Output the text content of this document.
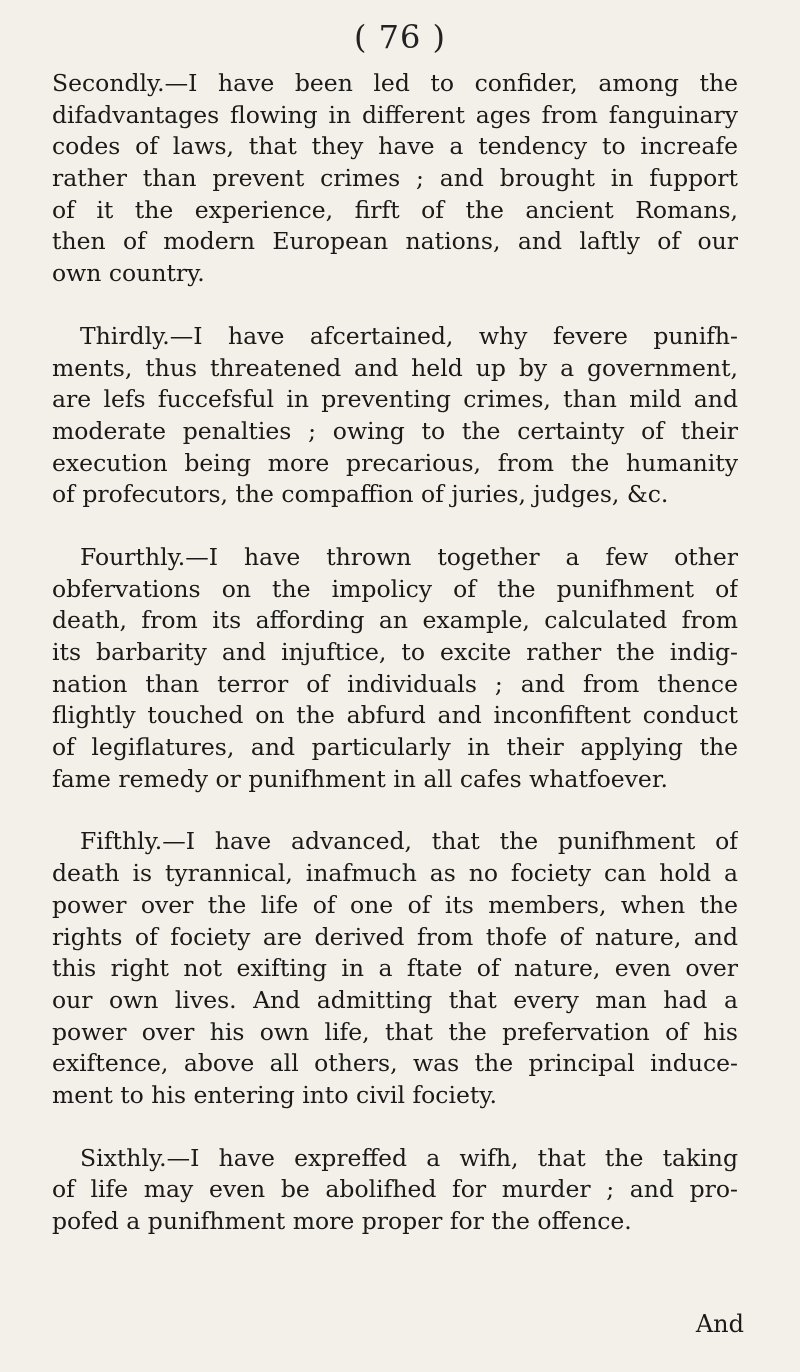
( 76 )

Secondly.—I have been led to confider, among the
difadvantages flowing in different ages from fanguinary
codes of laws, that they have a tendency to increafe
rather than prevent crimes ; and brought in fupport
of it the experience, firft of the ancient Romans,
then of modern European nations, and laftly of our
own country.

Thirdly.—I have afcertained, why fevere punifh-
ments, thus threatened and held up by a government,
are lefs fuccefsful in preventing crimes, than mild and
moderate penalties ; owing to the certainty of their
execution being more precarious, from the humanity
of profecutors, the compaffion of juries, judges, &c.

Fourthly.—I have thrown together a few other
obfervations on the impolicy of the punifhment of
death, from its affording an example, calculated from
its barbarity and injuftice, to excite rather the indig-
nation than terror of individuals ; and from thence
flightly touched on the abfurd and inconfiftent conduct
of legiflatures, and particularly in their applying the
fame remedy or punifhment in all cafes whatfoever.

Fifthly.—I have advanced, that the punifhment of
death is tyrannical, inafmuch as no fociety can hold a
power over the life of one of its members, when the
rights of fociety are derived from thofe of nature, and
this right not exifting in a ftate of nature, even over
our own lives. And admitting that every man had a
power over his own life, that the prefervation of his
exiftence, above all others, was the principal induce-
ment to his entering into civil fociety.

Sixthly.—I have expreffed a wifh, that the taking
of life may even be abolifhed for murder ; and pro-
pofed a punifhment more proper for the offence.

And
